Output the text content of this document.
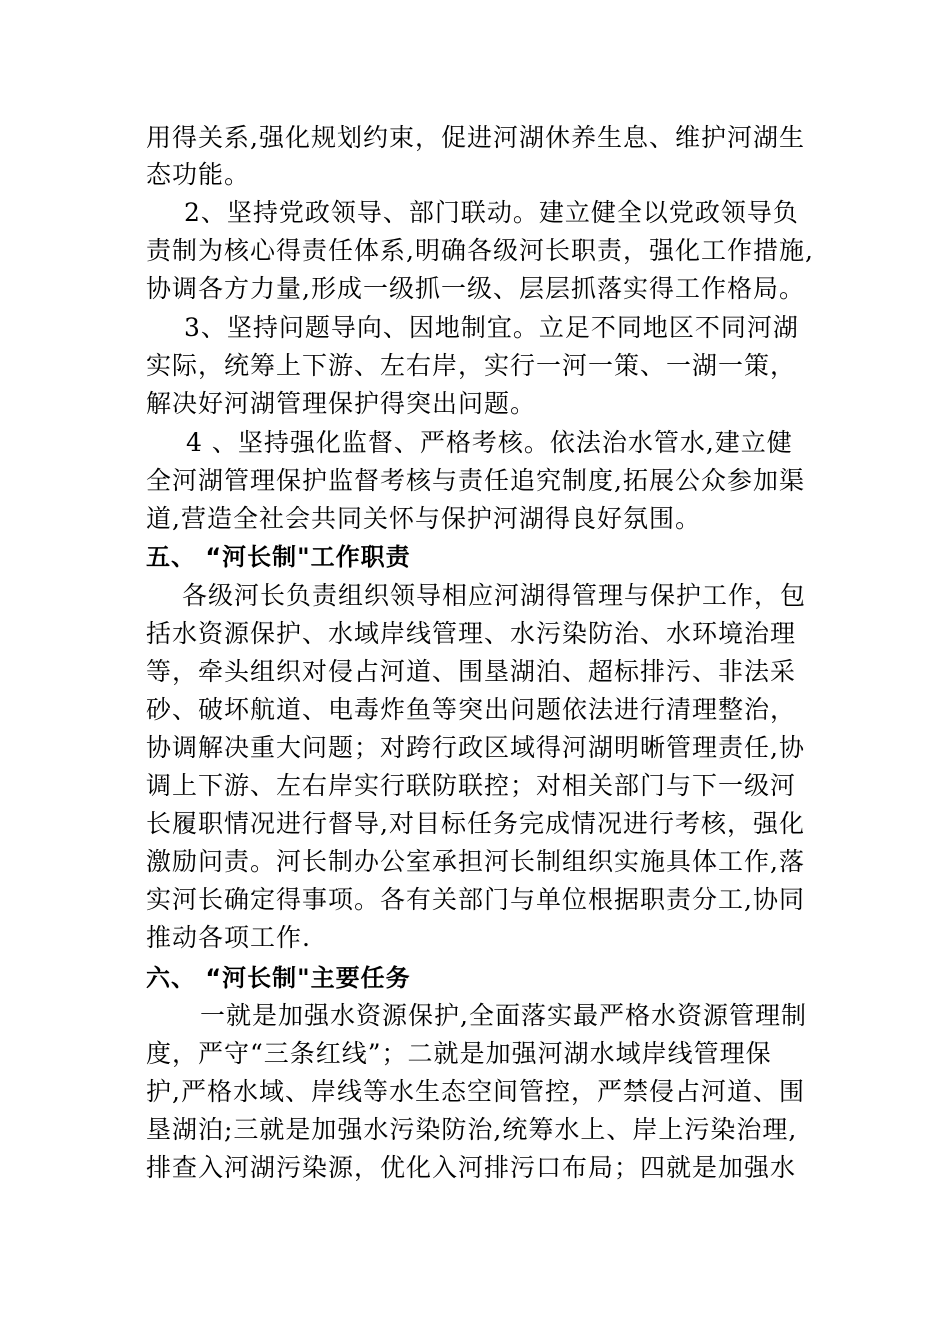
用得关系,强化规划约束，促进河湖休养生息、维护河湖生
态功能。
2、坚持党政领导、部门联动。建立健全以党政领导负
责制为核心得责任体系,明确各级河长职责，强化工作措施,
协调各方力量,形成一级抓一级、层层抓落实得工作格局。
3、坚持问题导向、因地制宜。立足不同地区不同河湖
实际，统筹上下游、左右岸，实行一河一策、一湖一策，
解决好河湖管理保护得突出问题。
4 、坚持强化监督、严格考核。依法治水管水,建立健
全河湖管理保护监督考核与责任追究制度,拓展公众参加渠
道,营造全社会共同关怀与保护河湖得良好氛围。
五、 “河长制"工作职责
各级河长负责组织领导相应河湖得管理与保护工作，包
括水资源保护、水域岸线管理、水污染防治、水环境治理
等，牵头组织对侵占河道、围垦湖泊、超标排污、非法采
砂、破坏航道、电毒炸鱼等突出问题依法进行清理整治，
协调解决重大问题；对跨行政区域得河湖明晰管理责任,协
调上下游、左右岸实行联防联控；对相关部门与下一级河
长履职情况进行督导,对目标任务完成情况进行考核，强化
激励问责。河长制办公室承担河长制组织实施具体工作,落
实河长确定得事项。各有关部门与单位根据职责分工,协同
推动各项工作.
六、 “河长制"主要任务
一就是加强水资源保护,全面落实最严格水资源管理制
度，严守“三条红线”；二就是加强河湖水域岸线管理保
护,严格水域、岸线等水生态空间管控，严禁侵占河道、围
垦湖泊;三就是加强水污染防治,统筹水上、岸上污染治理,
排查入河湖污染源，优化入河排污口布局；四就是加强水
